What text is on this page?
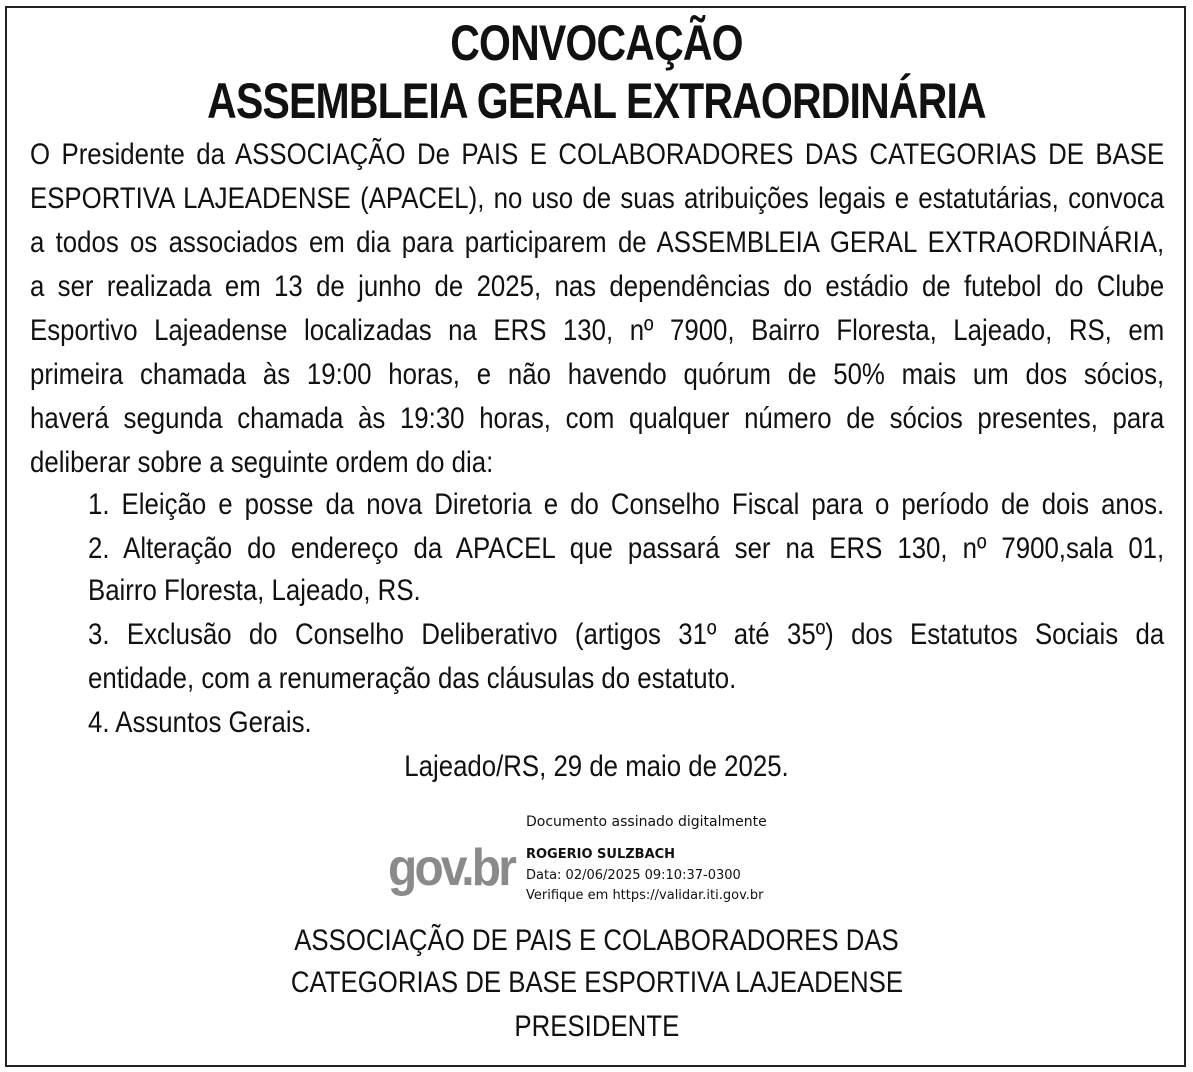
CONVOCAÇÃO
ASSEMBLEIA GERAL EXTRAORDINÁRIA
O Presidente da ASSOCIAÇÃO De PAIS E COLABORADORES DAS CATEGORIAS DE BASE
ESPORTIVA LAJEADENSE (APACEL), no uso de suas atribuições legais e estatutárias, convoca
a todos os associados em dia para participarem de ASSEMBLEIA GERAL EXTRAORDINÁRIA,
a ser realizada em 13 de junho de 2025, nas dependências do estádio de futebol do Clube
Esportivo Lajeadense localizadas na ERS 130, nº 7900, Bairro Floresta, Lajeado, RS, em
primeira chamada às 19:00 horas, e não havendo quórum de 50% mais um dos sócios,
haverá segunda chamada às 19:30 horas, com qualquer número de sócios presentes, para
deliberar sobre a seguinte ordem do dia:
1. Eleição e posse da nova Diretoria e do Conselho Fiscal para o período de dois anos.
2. Alteração do endereço da APACEL que passará ser na ERS 130, nº 7900,sala 01,
Bairro Floresta, Lajeado, RS.
3. Exclusão do Conselho Deliberativo (artigos 31º até 35º) dos Estatutos Sociais da
entidade, com a renumeração das cláusulas do estatuto.
4. Assuntos Gerais.
Lajeado/RS, 29 de maio de 2025.
gov.br
Documento assinado digitalmente
ROGERIO SULZBACH
Data: 02/06/2025 09:10:37-0300
Verifique em https://validar.iti.gov.br
ASSOCIAÇÃO DE PAIS E COLABORADORES DAS
CATEGORIAS DE BASE ESPORTIVA LAJEADENSE
PRESIDENTE
